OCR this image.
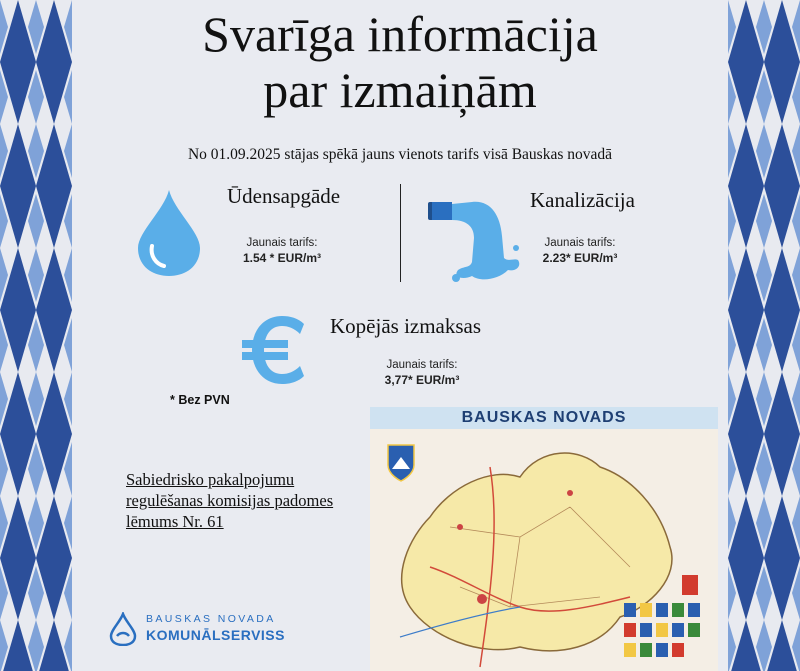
Svarīga informācija
par izmaiņām
No 01.09.2025 stājas spēkā jauns vienots tarifs visā Bauskas novadā
Ūdensapgāde
Jaunais tarifs:
1.54 * EUR/m³
Kanalizācija
Jaunais tarifs:
2.23* EUR/m³
Kopējās izmaksas
Jaunais tarifs:
3,77* EUR/m³
* Bez PVN
Sabiedrisko pakalpojumu regulēšanas komisijas padomes lēmums Nr. 61
BAUSKAS NOVADA
KOMUNĀLSERVISS
BAUSKAS NOVADS
